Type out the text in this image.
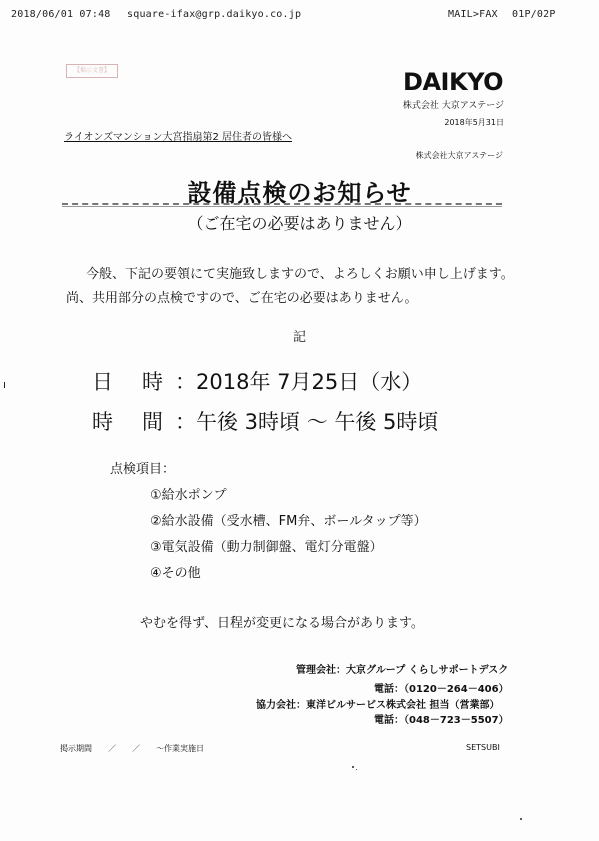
2018/06/01 07:48 square-ifax@grp.daikyo.co.jp	MAIL>FAX 01P/02P
【掲示文書】	DAIKYO
株式会社 大京アステージ
2018年5月31日
ライオンズマンション大宮指扇第2 居住者の皆様へ
株式会社大京アステージ
設備点検のお知らせ
（ご在宅の必要はありません）
今般、下記の要領にて実施致しますので、よろしくお願い申し上げます。
尚、共用部分の点検ですので、ご在宅の必要はありません。
記
日 時 ：2018年 7月25日（水）
時 間 ：午後 3時頃 ～ 午後 5時頃
点検項目：
①給水ポンプ
②給水設備（受水槽、FM弁、ボールタップ等）
③電気設備（動力制御盤、電灯分電盤）
④その他
やむを得ず、日程が変更になる場合があります。
管理会社：大京グループ くらしサポートデスク
電話：（0120－264－406）
協力会社：東洋ビルサービス株式会社 担当（営業部）
電話：（048－723－5507）
掲示期間　　／　　／　　～作業実施日	SETSUBI
